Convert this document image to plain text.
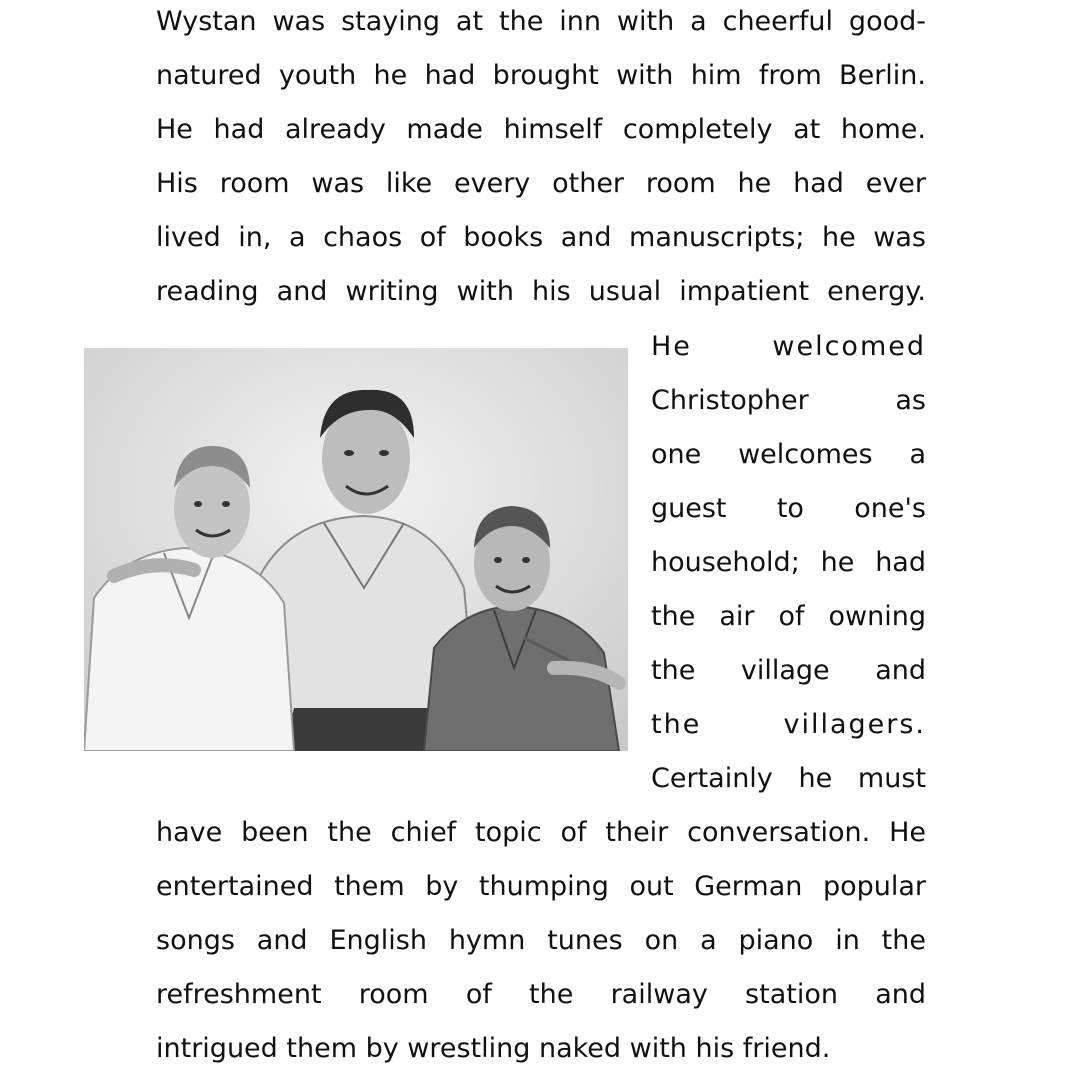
Wystan was staying at the inn with a cheerful good-
natured youth he had brought with him from Berlin.
He had already made himself completely at home.
His room was like every other room he had ever
lived in, a chaos of books and manuscripts; he was
reading and writing with his usual impatient energy.
He welcomed
Christopher as
one welcomes a
guest to one's
household; he had
the air of owning
the village and
the villagers.
Certainly he must
have been the chief topic of their conversation. He
entertained them by thumping out German popular
songs and English hymn tunes on a piano in the
refreshment room of the railway station and
intrigued them by wrestling naked with his friend.
